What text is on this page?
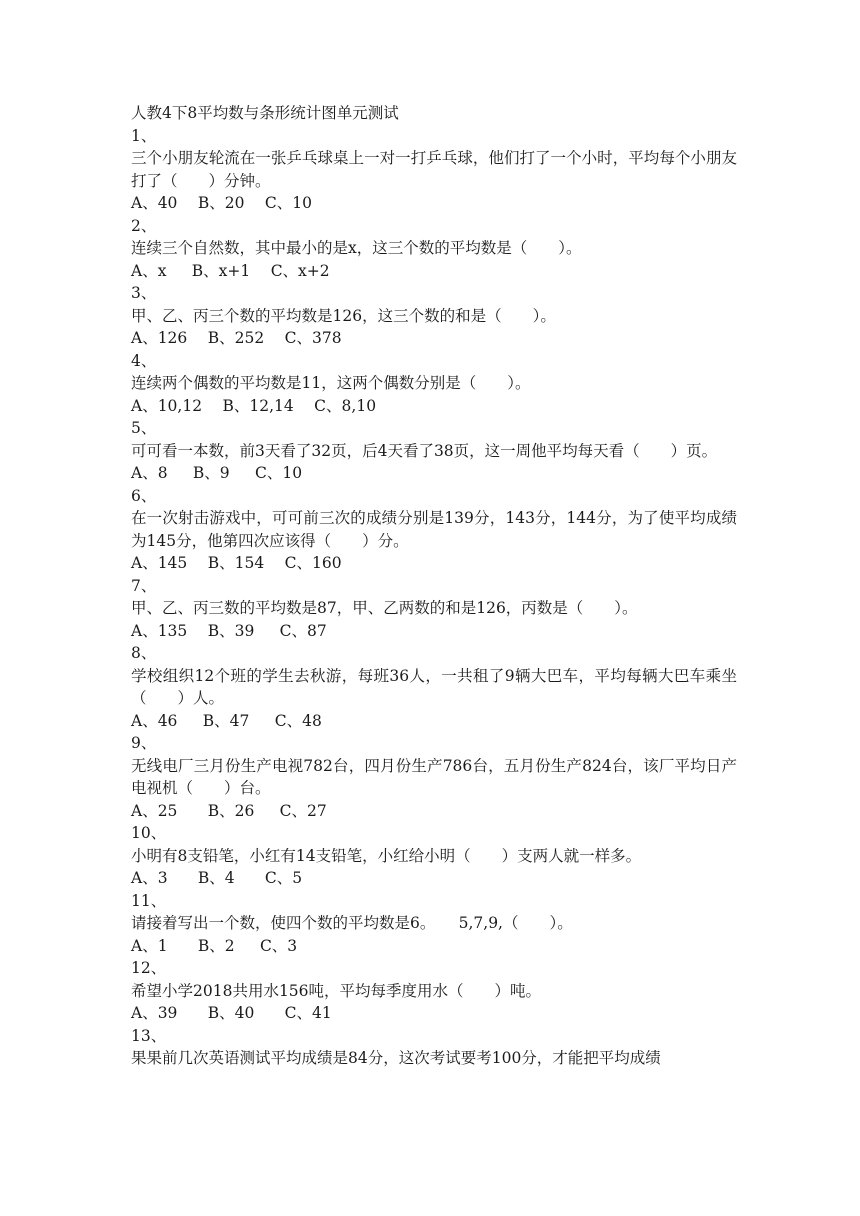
人教4下8平均数与条形统计图单元测试
1、
三个小朋友轮流在一张乒乓球桌上一对一打乒乓球，他们打了一个小时，平均每个小朋友打了（　　）分钟。
A、40　 B、20　 C、10
2、
连续三个自然数，其中最小的是x，这三个数的平均数是（　　）。
A、x　  B、x+1　 C、x+2
3、
甲、乙、丙三个数的平均数是126，这三个数的和是（　　）。
A、126　 B、252　 C、378
4、
连续两个偶数的平均数是11，这两个偶数分别是（　　）。
A、10,12　 B、12,14　 C、8,10
5、
可可看一本数，前3天看了32页，后4天看了38页，这一周他平均每天看（　　）页。
A、8　  B、9　  C、10
6、
在一次射击游戏中，可可前三次的成绩分别是139分，143分，144分，为了使平均成绩为145分，他第四次应该得（　　）分。
A、145　 B、154　 C、160
7、
甲、乙、丙三数的平均数是87，甲、乙两数的和是126，丙数是（　　）。
A、135　 B、39　  C、87
8、
学校组织12个班的学生去秋游，每班36人，一共租了9辆大巴车，平均每辆大巴车乘坐（　　）人。
A、46　  B、47　  C、48
9、
无线电厂三月份生产电视782台，四月份生产786台，五月份生产824台，该厂平均日产电视机（　　）台。
A、25　   B、26　  C、27
10、
小明有8支铅笔，小红有14支铅笔，小红给小明（　　）支两人就一样多。
A、3　   B、4　   C、5
11、
请接着写出一个数，使四个数的平均数是6。　　5,7,9,（　　）。
A、1　   B、2　  C、3
12、
希望小学2018共用水156吨，平均每季度用水（　　）吨。
A、39　   B、40　   C、41
13、
果果前几次英语测试平均成绩是84分，这次考试要考100分，才能把平均成绩
